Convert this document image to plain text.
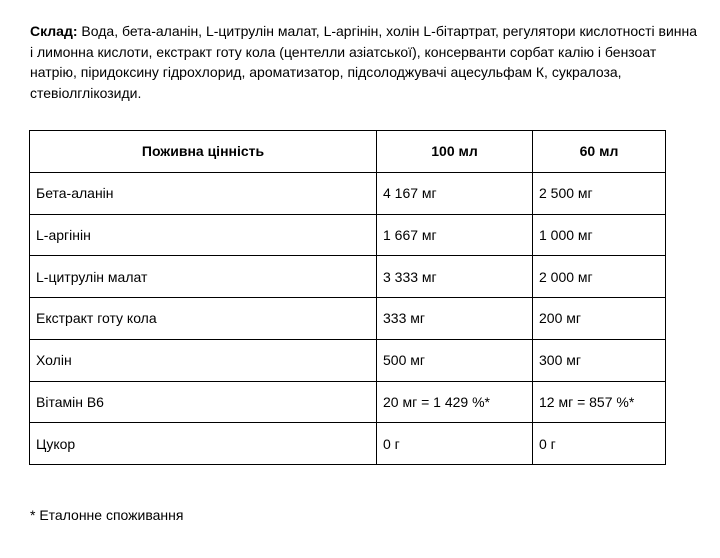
Склад: Вода, бета-аланін, L-цитрулін малат, L-аргінін, холін L-бітартрат, регулятори кислотності винна і лимонна кислоти, екстракт готу кола (центелли азіатської), консерванти сорбат калію і бензоат натрію, піридоксину гідрохлорид, ароматизатор, підсолоджувачі ацесульфам К, сукралоза, стевіолглікозиди.

Поживна цінність	100 мл	60 мл
Бета-аланін	4 167 мг	2 500 мг
L-аргінін	1 667 мг	1 000 мг
L-цитрулін малат	3 333 мг	2 000 мг
Екстракт готу кола	333 мг	200 мг
Холін	500 мг	300 мг
Вітамін В6	20 мг = 1 429 %*	12 мг = 857 %*
Цукор	0 г	0 г
* Еталонне споживання
